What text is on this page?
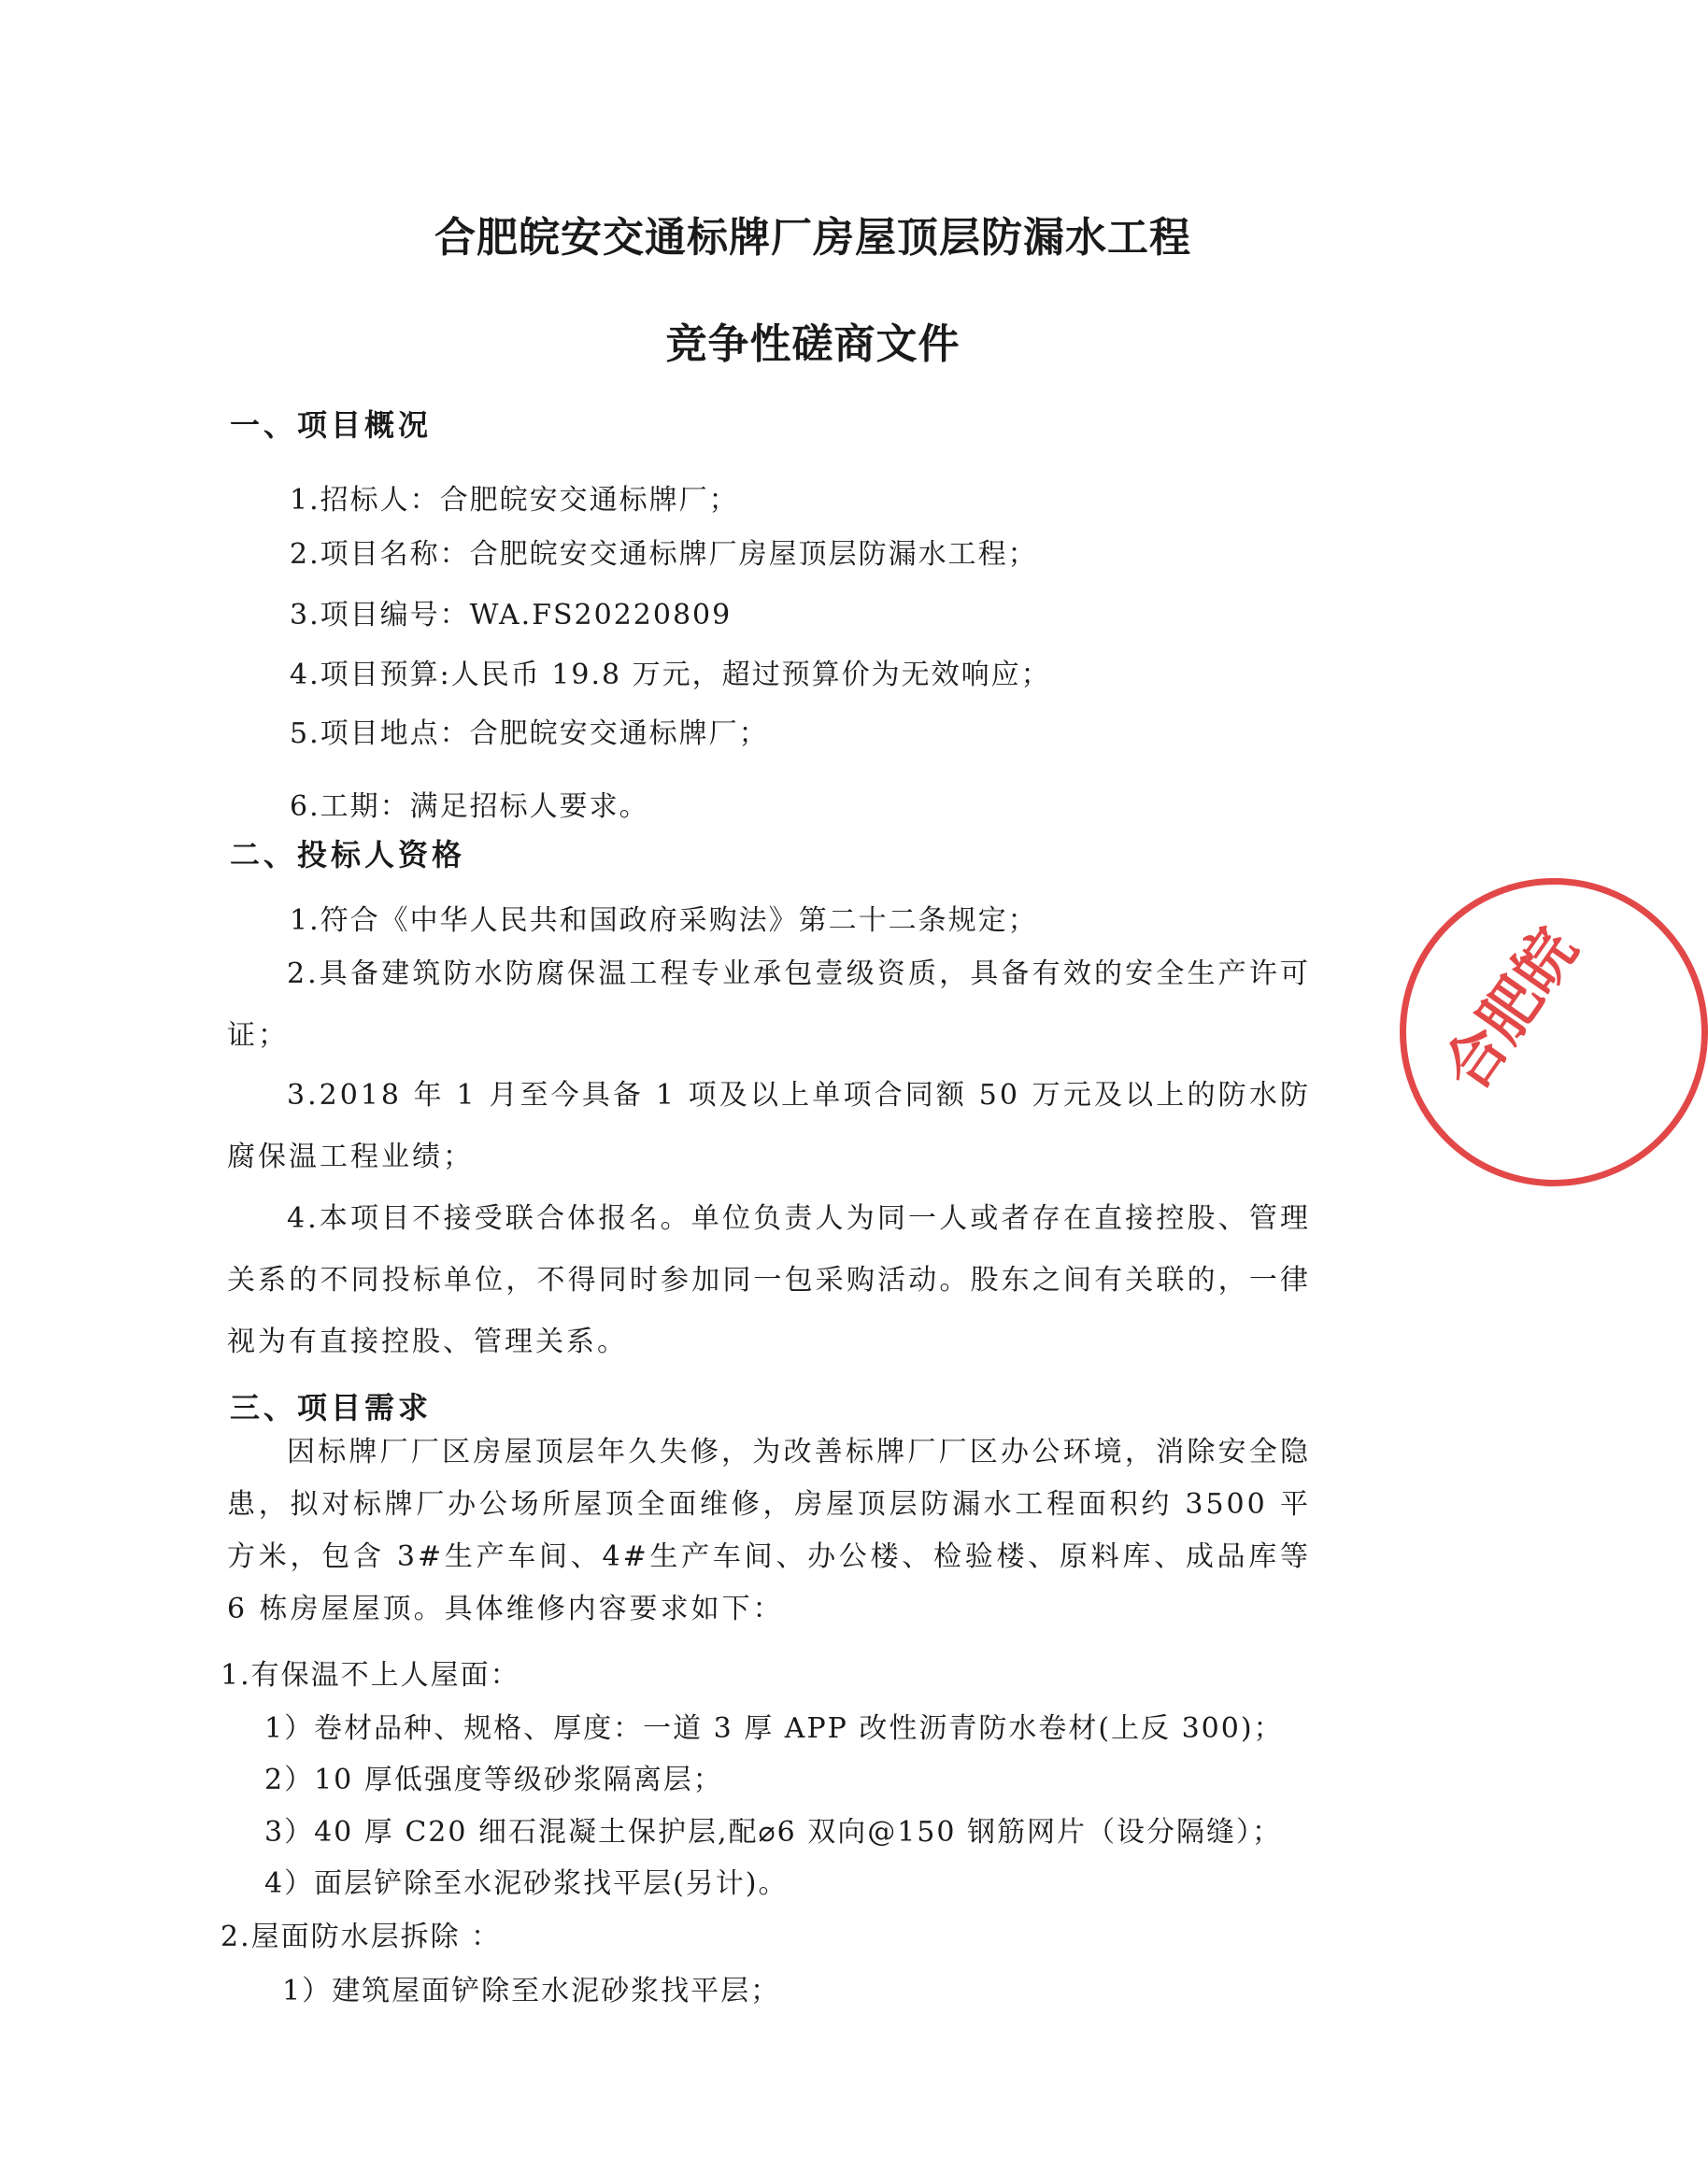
合肥皖安交通标牌厂房屋顶层防漏水工程
竞争性磋商文件
一、项目概况
1.招标人：合肥皖安交通标牌厂；
2.项目名称：合肥皖安交通标牌厂房屋顶层防漏水工程；
3.项目编号：WA.FS20220809
4.项目预算:人民币 19.8 万元，超过预算价为无效响应；
5.项目地点：合肥皖安交通标牌厂；
6.工期：满足招标人要求。
二、投标人资格
1.符合《中华人民共和国政府采购法》第二十二条规定；
2.具备建筑防水防腐保温工程专业承包壹级资质，具备有效的安全生产许可证；
3.2018 年 1 月至今具备 1 项及以上单项合同额 50 万元及以上的防水防腐保温工程业绩；
4.本项目不接受联合体报名。单位负责人为同一人或者存在直接控股、管理关系的不同投标单位，不得同时参加同一包采购活动。股东之间有关联的，一律视为有直接控股、管理关系。
三、项目需求
因标牌厂厂区房屋顶层年久失修，为改善标牌厂厂区办公环境，消除安全隐患，拟对标牌厂办公场所屋顶全面维修，房屋顶层防漏水工程面积约 3500 平方米，包含 3#生产车间、4#生产车间、办公楼、检验楼、原料库、成品库等 6 栋房屋屋顶。具体维修内容要求如下：
1.有保温不上人屋面：
1）卷材品种、规格、厚度：一道 3 厚 APP 改性沥青防水卷材(上反 300)；
2）10 厚低强度等级砂浆隔离层；
3）40 厚 C20 细石混凝土保护层,配⌀6 双向@150 钢筋网片（设分隔缝）；
4）面层铲除至水泥砂浆找平层(另计)。
2.屋面防水层拆除 ：
1）建筑屋面铲除至水泥砂浆找平层；
合肥皖
